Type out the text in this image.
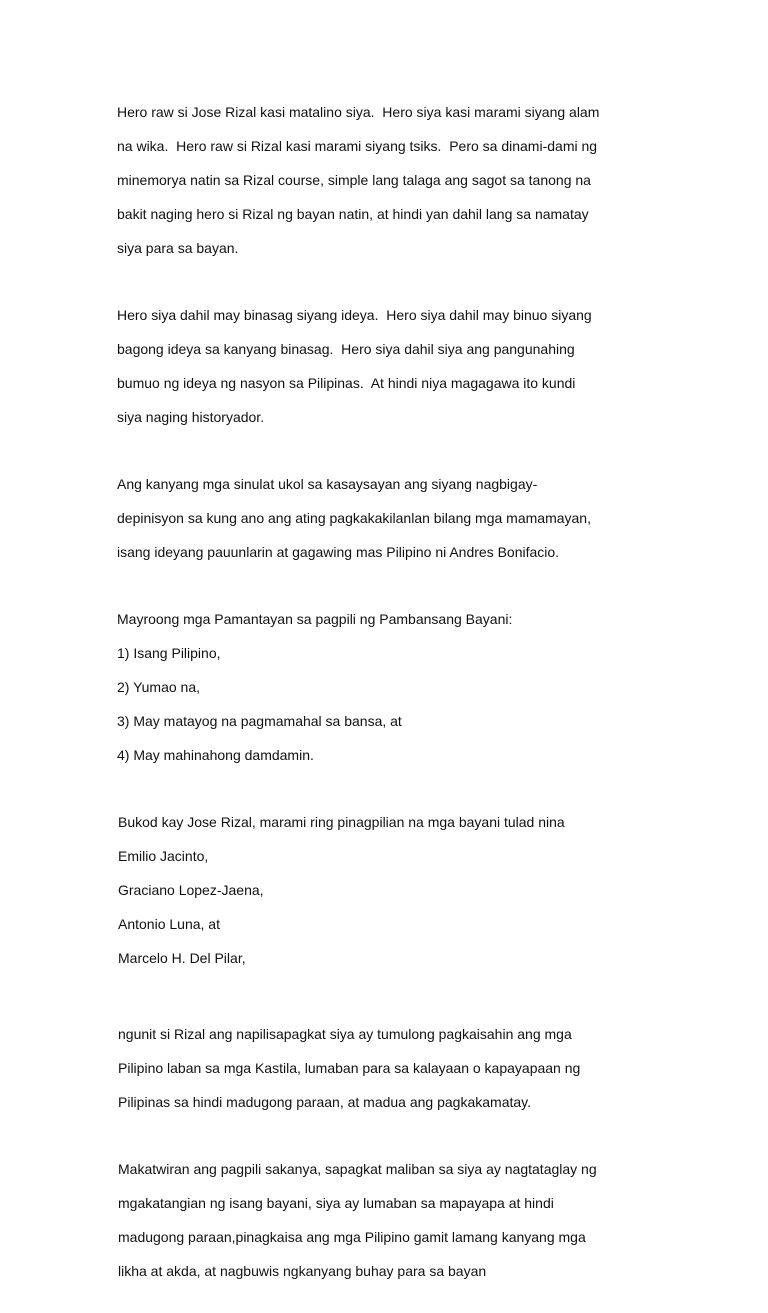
Hero raw si Jose Rizal kasi matalino siya.  Hero siya kasi marami siyang alam

na wika.  Hero raw si Rizal kasi marami siyang tsiks.  Pero sa dinami-dami ng

minemorya natin sa Rizal course, simple lang talaga ang sagot sa tanong na

bakit naging hero si Rizal ng bayan natin, at hindi yan dahil lang sa namatay

siya para sa bayan.

Hero siya dahil may binasag siyang ideya.  Hero siya dahil may binuo siyang

bagong ideya sa kanyang binasag.  Hero siya dahil siya ang pangunahing

bumuo ng ideya ng nasyon sa Pilipinas.  At hindi niya magagawa ito kundi

siya naging historyador.

Ang kanyang mga sinulat ukol sa kasaysayan ang siyang nagbigay-

depinisyon sa kung ano ang ating pagkakakilanlan bilang mga mamamayan,

isang ideyang pauunlarin at gagawing mas Pilipino ni Andres Bonifacio.

Mayroong mga Pamantayan sa pagpili ng Pambansang Bayani:

1) Isang Pilipino,

2) Yumao na,

3) May matayog na pagmamahal sa bansa, at

4) May mahinahong damdamin.

Bukod kay Jose Rizal, marami ring pinagpilian na mga bayani tulad nina

Emilio Jacinto,

Graciano Lopez-Jaena,

Antonio Luna, at

Marcelo H. Del Pilar,

ngunit si Rizal ang napilisapagkat siya ay tumulong pagkaisahin ang mga

Pilipino laban sa mga Kastila, lumaban para sa kalayaan o kapayapaan ng

Pilipinas sa hindi madugong paraan, at madua ang pagkakamatay.

Makatwiran ang pagpili sakanya, sapagkat maliban sa siya ay nagtataglay ng

mgakatangian ng isang bayani, siya ay lumaban sa mapayapa at hindi

madugong paraan,pinagkaisa ang mga Pilipino gamit lamang kanyang mga

likha at akda, at nagbuwis ngkanyang buhay para sa bayan
